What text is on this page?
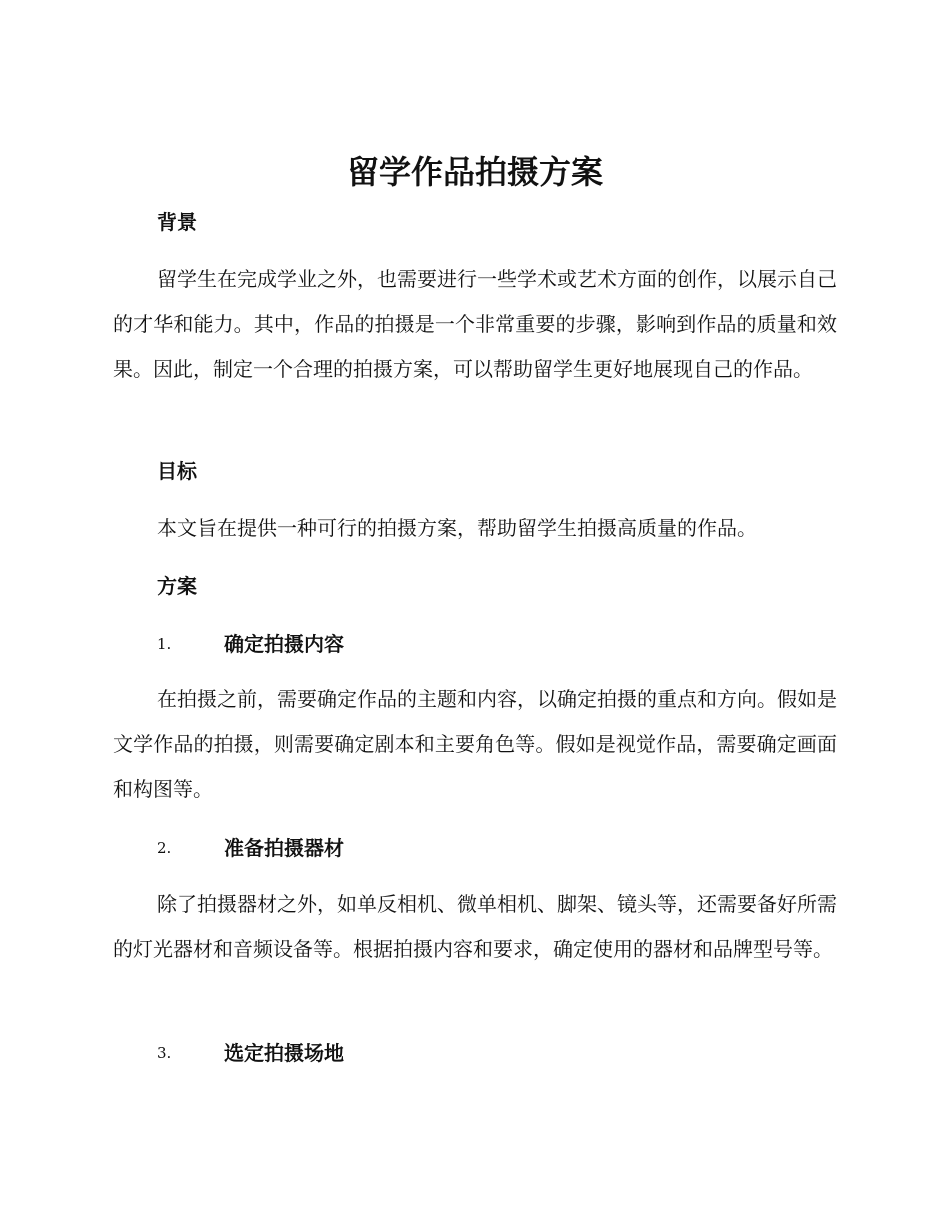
留学作品拍摄方案
背景

留学生在完成学业之外，也需要进行一些学术或艺术方面的创作，以展示自己的才华和能力。其中，作品的拍摄是一个非常重要的步骤，影响到作品的质量和效果。因此，制定一个合理的拍摄方案，可以帮助留学生更好地展现自己的作品。

目标

本文旨在提供一种可行的拍摄方案，帮助留学生拍摄高质量的作品。

方案
1.	确定拍摄内容

在拍摄之前，需要确定作品的主题和内容，以确定拍摄的重点和方向。假如是文学作品的拍摄，则需要确定剧本和主要角色等。假如是视觉作品，需要确定画面和构图等。

2.	准备拍摄器材

除了拍摄器材之外，如单反相机、微单相机、脚架、镜头等，还需要备好所需的灯光器材和音频设备等。根据拍摄内容和要求，确定使用的器材和品牌型号等。

3.	选定拍摄场地
